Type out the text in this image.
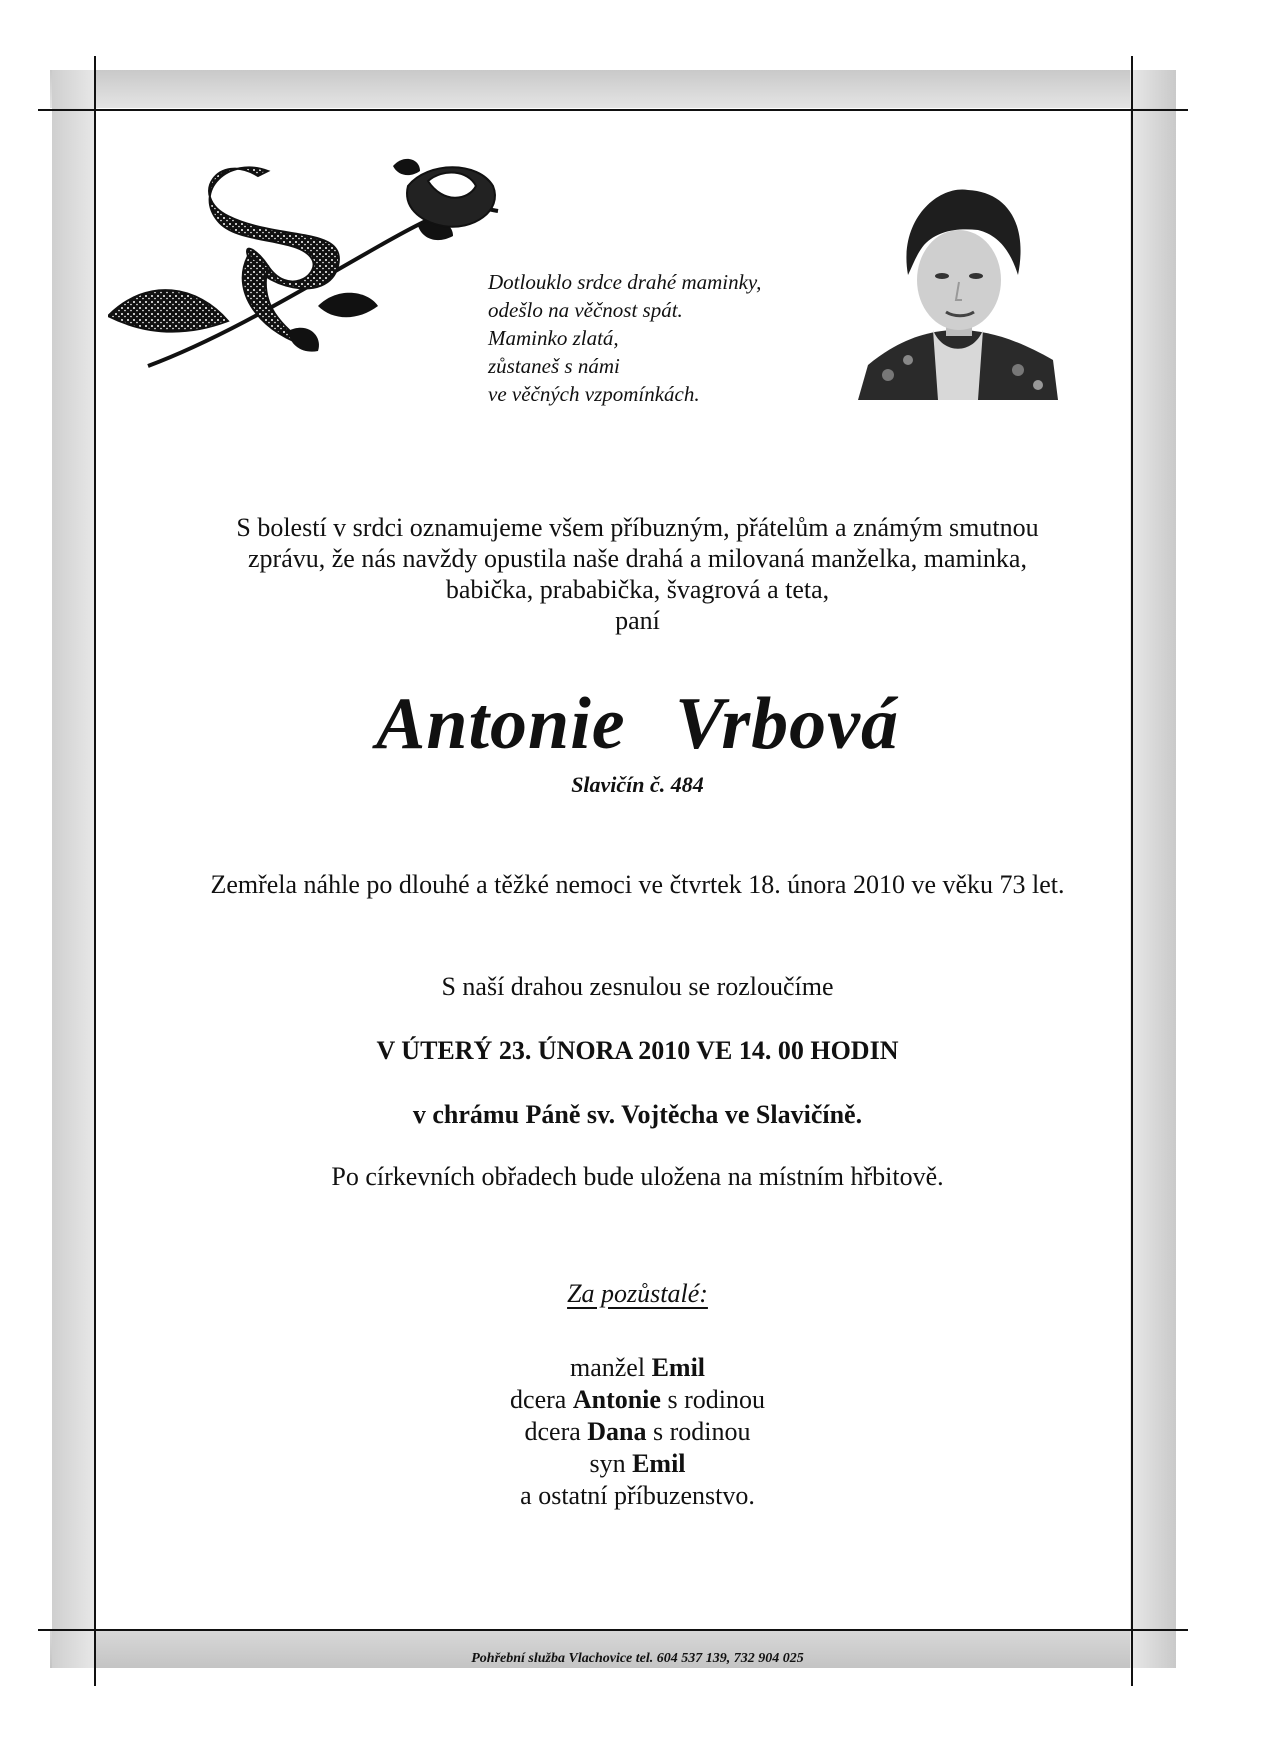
Dotlouklo srdce drahé maminky,
odešlo na věčnost spát.
Maminko zlatá,
zůstaneš s námi
ve věčných vzpomínkách.
S bolestí v srdci oznamujeme všem příbuzným, přátelům a známým smutnou
zprávu, že nás navždy opustila naše drahá a milovaná manželka, maminka,
babička, prababička, švagrová a teta,
paní
Antonie Vrbová
Slavičín č. 484
Zemřela náhle po dlouhé a těžké nemoci ve čtvrtek 18. února 2010 ve věku 73 let.
S naší drahou zesnulou se rozloučíme
V ÚTERÝ 23. ÚNORA 2010 VE 14. 00 HODIN
v chrámu Páně sv. Vojtěcha ve Slavičíně.
Po církevních obřadech bude uložena na místním hřbitově.
Za pozůstalé:
manžel Emil
dcera Antonie s rodinou
dcera Dana s rodinou
syn Emil
a ostatní příbuzenstvo.
Pohřební služba Vlachovice tel. 604 537 139, 732 904 025
